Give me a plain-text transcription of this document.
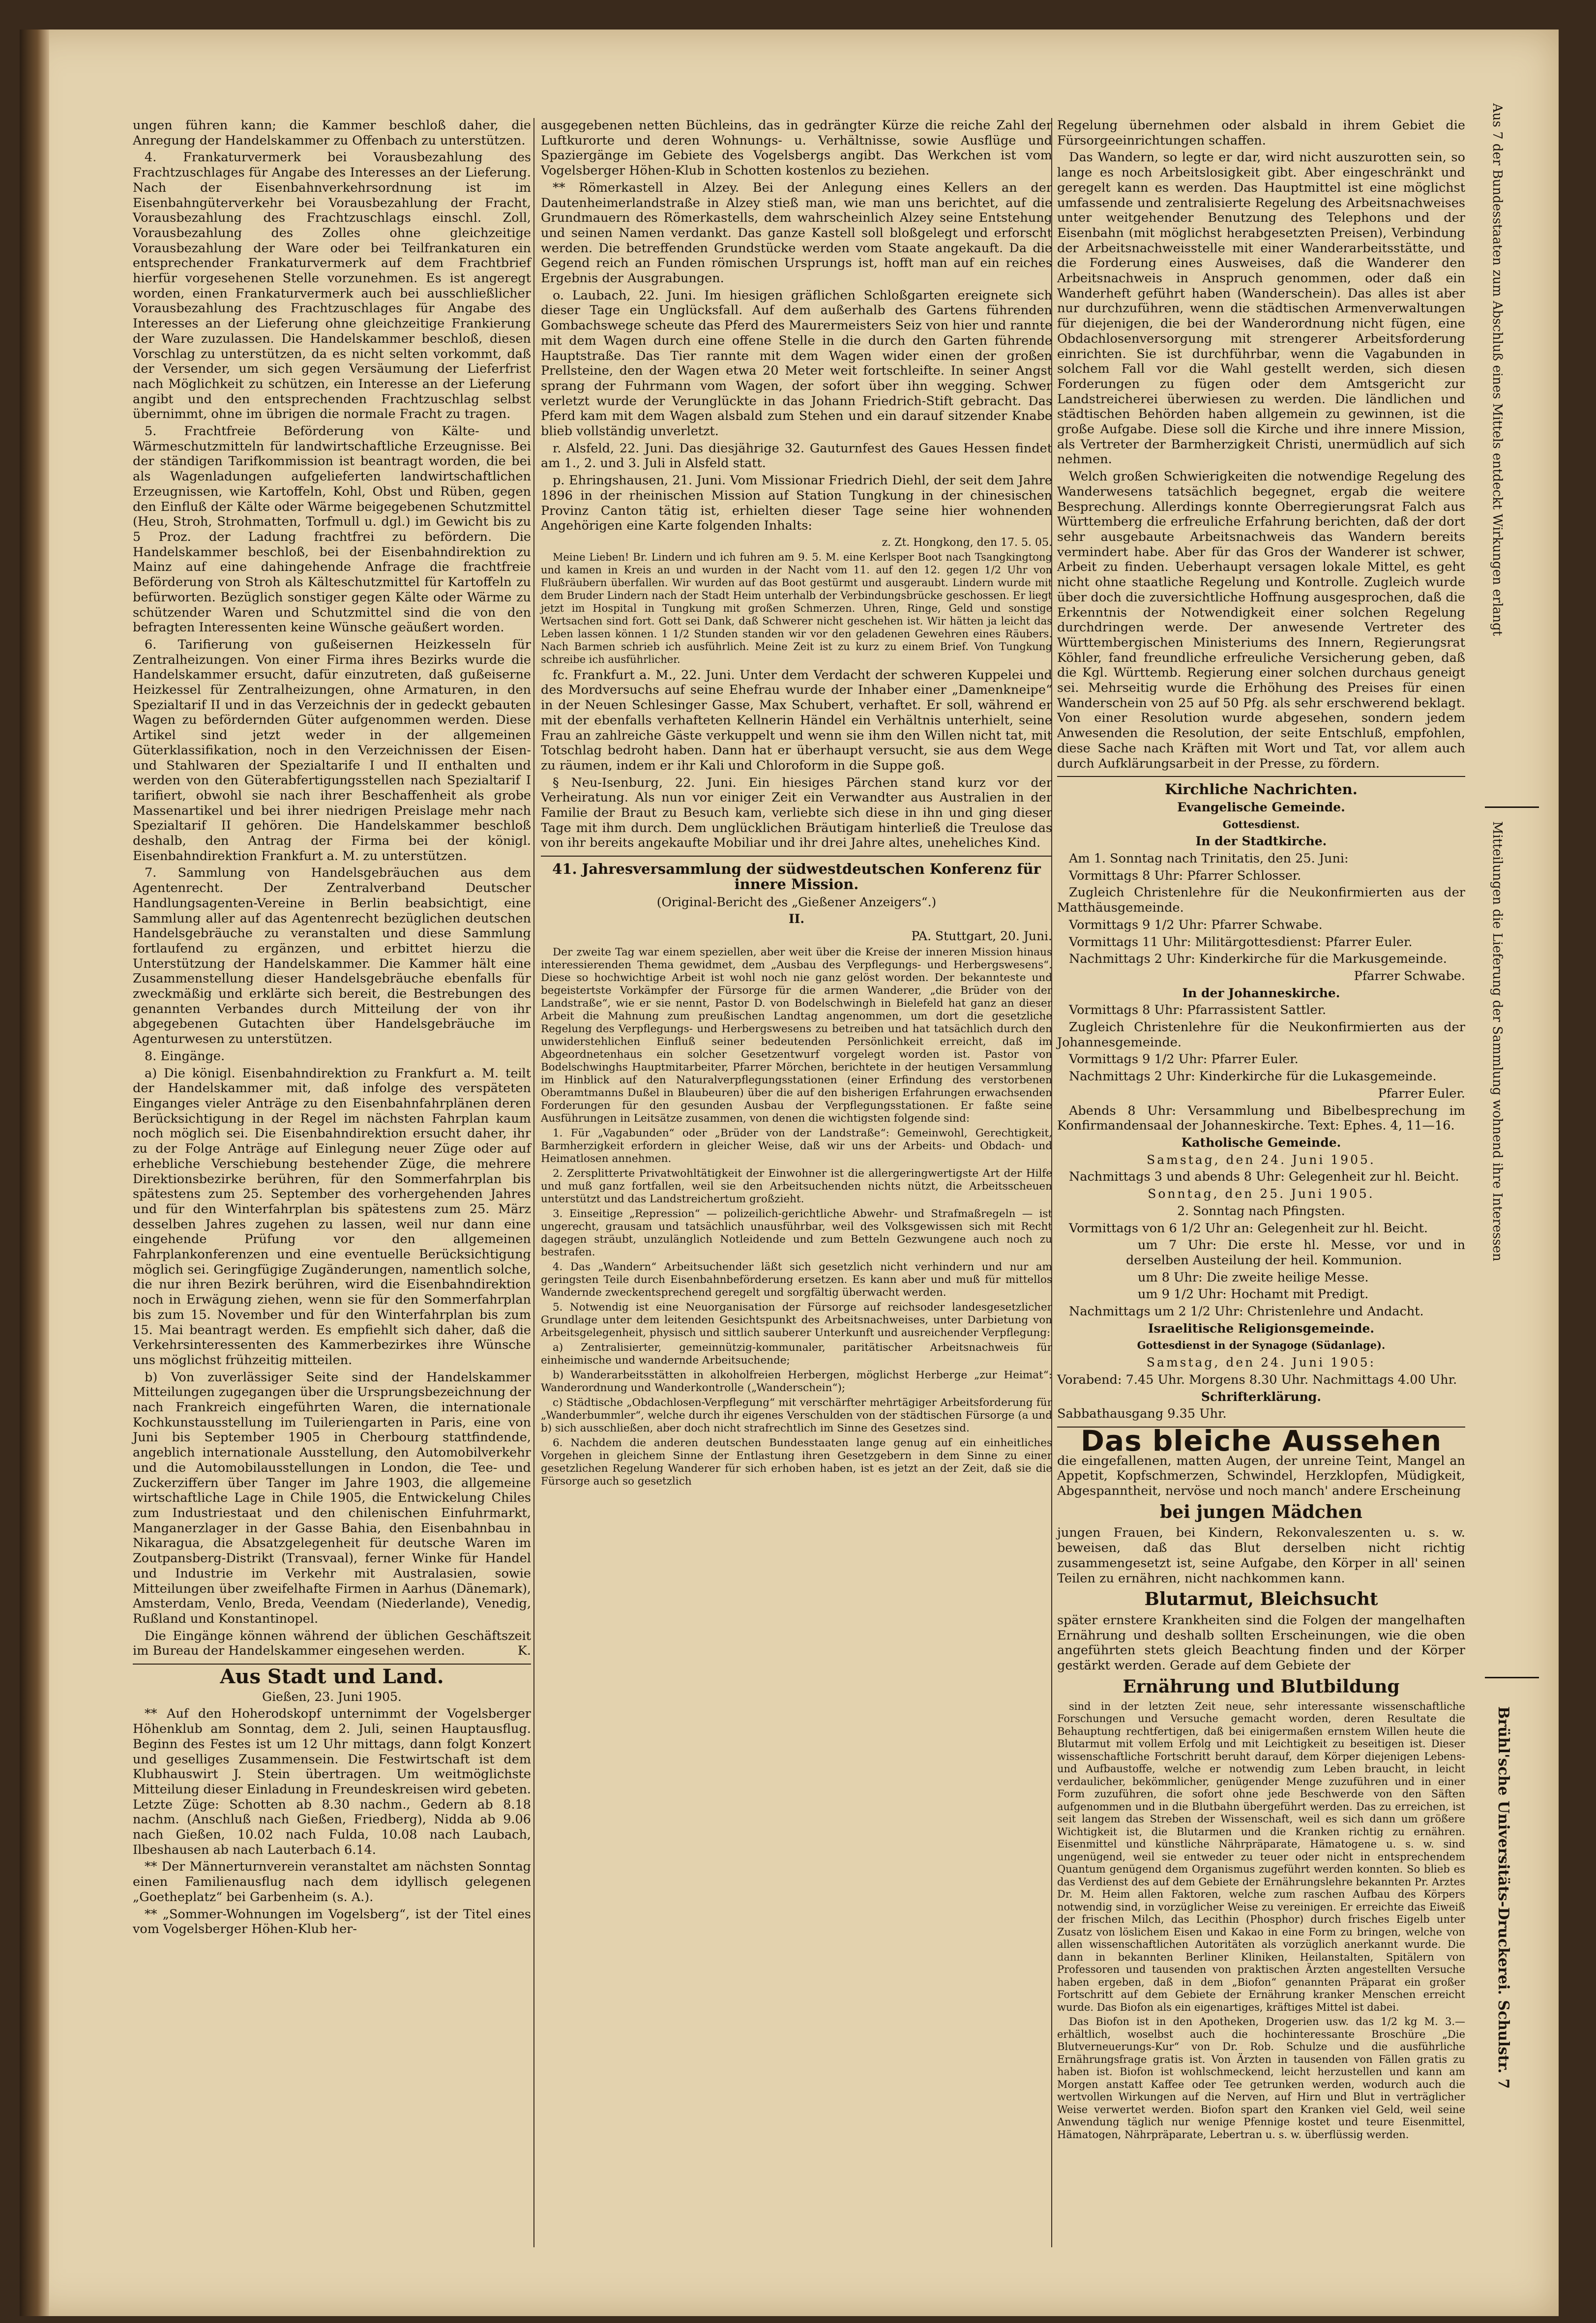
ungen führen kann; die Kammer beschloß daher, die Anregung der Handelskammer zu Offenbach zu unterstützen.

4. Frankaturvermerk bei Vorausbezahlung des Frachtzuschlages für Angabe des Interesses an der Lieferung. Nach der Eisenbahnverkehrsordnung ist im Eisenbahngüterverkehr bei Vorausbezahlung der Fracht, Vorausbezahlung des Frachtzuschlags einschl. Zoll, Vorausbezahlung des Zolles ohne gleichzeitige Vorausbezahlung der Ware oder bei Teilfrankaturen ein entsprechender Frankaturvermerk auf dem Frachtbrief hierfür vorgesehenen Stelle vorzunehmen. Es ist angeregt worden, einen Frankaturvermerk auch bei ausschließlicher Vorausbezahlung des Frachtzuschlages für Angabe des Interesses an der Lieferung ohne gleichzeitige Frankierung der Ware zuzulassen. Die Handelskammer beschloß, diesen Vorschlag zu unterstützen, da es nicht selten vorkommt, daß der Versender, um sich gegen Versäumung der Lieferfrist nach Möglichkeit zu schützen, ein Interesse an der Lieferung angibt und den entsprechenden Frachtzuschlag selbst übernimmt, ohne im übrigen die normale Fracht zu tragen.

5. Frachtfreie Beförderung von Kälte- und Wärmeschutzmitteln für landwirtschaftliche Erzeugnisse. Bei der ständigen Tarifkommission ist beantragt worden, die bei als Wagenladungen aufgelieferten landwirtschaftlichen Erzeugnissen, wie Kartoffeln, Kohl, Obst und Rüben, gegen den Einfluß der Kälte oder Wärme beigegebenen Schutzmittel (Heu, Stroh, Strohmatten, Torfmull u. dgl.) im Gewicht bis zu 5 Proz. der Ladung frachtfrei zu befördern. Die Handelskammer beschloß, bei der Eisenbahndirektion zu Mainz auf eine dahingehende Anfrage die frachtfreie Beförderung von Stroh als Kälteschutzmittel für Kartoffeln zu befürworten. Bezüglich sonstiger gegen Kälte oder Wärme zu schützender Waren und Schutzmittel sind die von den befragten Interessenten keine Wünsche geäußert worden.

6. Tarifierung von gußeisernen Heizkesseln für Zentralheizungen. Von einer Firma ihres Bezirks wurde die Handelskammer ersucht, dafür einzutreten, daß gußeiserne Heizkessel für Zentralheizungen, ohne Armaturen, in den Spezialtarif II und in das Verzeichnis der in gedeckt gebauten Wagen zu befördernden Güter aufgenommen werden. Diese Artikel sind jetzt weder in der allgemeinen Güterklassifikation, noch in den Verzeichnissen der Eisen- und Stahlwaren der Spezialtarife I und II enthalten und werden von den Güterabfertigungsstellen nach Spezialtarif I tarifiert, obwohl sie nach ihrer Beschaffenheit als grobe Massenartikel und bei ihrer niedrigen Preislage mehr nach Spezialtarif II gehören. Die Handelskammer beschloß deshalb, den Antrag der Firma bei der königl. Eisenbahndirektion Frankfurt a. M. zu unterstützen.

7. Sammlung von Handelsgebräuchen aus dem Agentenrecht. Der Zentralverband Deutscher Handlungsagenten-Vereine in Berlin beabsichtigt, eine Sammlung aller auf das Agentenrecht bezüglichen deutschen Handelsgebräuche zu veranstalten und diese Sammlung fortlaufend zu ergänzen, und erbittet hierzu die Unterstützung der Handelskammer. Die Kammer hält eine Zusammenstellung dieser Handelsgebräuche ebenfalls für zweckmäßig und erklärte sich bereit, die Bestrebungen des genannten Verbandes durch Mitteilung der von ihr abgegebenen Gutachten über Handelsgebräuche im Agenturwesen zu unterstützen.

8. Eingänge.

a) Die königl. Eisenbahndirektion zu Frankfurt a. M. teilt der Handelskammer mit, daß infolge des verspäteten Einganges vieler Anträge zu den Eisenbahnfahrplänen deren Berücksichtigung in der Regel im nächsten Fahrplan kaum noch möglich sei. Die Eisenbahndirektion ersucht daher, ihr zu der Folge Anträge auf Einlegung neuer Züge oder auf erhebliche Verschiebung bestehender Züge, die mehrere Direktionsbezirke berühren, für den Sommerfahrplan bis spätestens zum 25. September des vorhergehenden Jahres und für den Winterfahrplan bis spätestens zum 25. März desselben Jahres zugehen zu lassen, weil nur dann eine eingehende Prüfung vor den allgemeinen Fahrplankonferenzen und eine eventuelle Berücksichtigung möglich sei. Geringfügige Zugänderungen, namentlich solche, die nur ihren Bezirk berühren, wird die Eisenbahndirektion noch in Erwägung ziehen, wenn sie für den Sommerfahrplan bis zum 15. November und für den Winterfahrplan bis zum 15. Mai beantragt werden. Es empfiehlt sich daher, daß die Verkehrsinteressenten des Kammerbezirkes ihre Wünsche uns möglichst frühzeitig mitteilen.

b) Von zuverlässiger Seite sind der Handelskammer Mitteilungen zugegangen über die Ursprungsbezeichnung der nach Frankreich eingeführten Waren, die internationale Kochkunstausstellung im Tuileriengarten in Paris, eine von Juni bis September 1905 in Cherbourg stattfindende, angeblich internationale Ausstellung, den Automobilverkehr und die Automobilausstellungen in London, die Tee- und Zuckerziffern über Tanger im Jahre 1903, die allgemeine wirtschaftliche Lage in Chile 1905, die Entwickelung Chiles zum Industriestaat und den chilenischen Einfuhrmarkt, Manganerzlager in der Gasse Bahia, den Eisenbahnbau in Nikaragua, die Absatzgelegenheit für deutsche Waren im Zoutpansberg-Distrikt (Transvaal), ferner Winke für Handel und Industrie im Verkehr mit Australasien, sowie Mitteilungen über zweifelhafte Firmen in Aarhus (Dänemark), Amsterdam, Venlo, Breda, Veendam (Niederlande), Venedig, Rußland und Konstantinopel.

Die Eingänge können während der üblichen Geschäftszeit im Bureau der Handelskammer eingesehen werden.	K.

Aus Stadt und Land.
Gießen, 23. Juni 1905.

** Auf den Hoherodskopf unternimmt der Vogelsberger Höhenklub am Sonntag, dem 2. Juli, seinen Hauptausflug. Beginn des Festes ist um 12 Uhr mittags, dann folgt Konzert und geselliges Zusammensein. Die Festwirtschaft ist dem Klubhauswirt J. Stein übertragen. Um weitmöglichste Mitteilung dieser Einladung in Freundeskreisen wird gebeten. Letzte Züge: Schotten ab 8.30 nachm., Gedern ab 8.18 nachm. (Anschluß nach Gießen, Friedberg), Nidda ab 9.06 nach Gießen, 10.02 nach Fulda, 10.08 nach Laubach, Ilbeshausen ab nach Lauterbach 6.14.

** Der Männerturnverein veranstaltet am nächsten Sonntag einen Familienausflug nach dem idyllisch gelegenen „Goetheplatz“ bei Garbenheim (s. A.).

** „Sommer-Wohnungen im Vogelsberg“, ist der Titel eines vom Vogelsberger Höhen-Klub her-

ausgegebenen netten Büchleins, das in gedrängter Kürze die reiche Zahl der Luftkurorte und deren Wohnungs- u. Verhältnisse, sowie Ausflüge und Spaziergänge im Gebiete des Vogelsbergs angibt. Das Werkchen ist vom Vogelsberger Höhen-Klub in Schotten kostenlos zu beziehen.

** Römerkastell in Alzey. Bei der Anlegung eines Kellers an der Dautenheimerlandstraße in Alzey stieß man, wie man uns berichtet, auf die Grundmauern des Römerkastells, dem wahrscheinlich Alzey seine Entstehung und seinen Namen verdankt. Das ganze Kastell soll bloßgelegt und erforscht werden. Die betreffenden Grundstücke werden vom Staate angekauft. Da die Gegend reich an Funden römischen Ursprungs ist, hofft man auf ein reiches Ergebnis der Ausgrabungen.

o. Laubach, 22. Juni. Im hiesigen gräflichen Schloßgarten ereignete sich dieser Tage ein Unglücksfall. Auf dem außerhalb des Gartens führenden Gombachswege scheute das Pferd des Maurermeisters Seiz von hier und rannte mit dem Wagen durch eine offene Stelle in die durch den Garten führende Hauptstraße. Das Tier rannte mit dem Wagen wider einen der großen Prellsteine, den der Wagen etwa 20 Meter weit fortschleifte. In seiner Angst sprang der Fuhrmann vom Wagen, der sofort über ihn wegging. Schwer verletzt wurde der Verunglückte in das Johann Friedrich-Stift gebracht. Das Pferd kam mit dem Wagen alsbald zum Stehen und ein darauf sitzender Knabe blieb vollständig unverletzt.

r. Alsfeld, 22. Juni. Das diesjährige 32. Gauturnfest des Gaues Hessen findet am 1., 2. und 3. Juli in Alsfeld statt.

p. Ehringshausen, 21. Juni. Vom Missionar Friedrich Diehl, der seit dem Jahre 1896 in der rheinischen Mission auf Station Tungkung in der chinesischen Provinz Canton tätig ist, erhielten dieser Tage seine hier wohnenden Angehörigen eine Karte folgenden Inhalts:

z. Zt. Hongkong, den 17. 5. 05.

Meine Lieben! Br. Lindern und ich fuhren am 9. 5. M. eine Kerlsper Boot nach Tsangkingtong und kamen in Kreis an und wurden in der Nacht vom 11. auf den 12. gegen 1/2 Uhr von Flußräubern überfallen. Wir wurden auf das Boot gestürmt und ausgeraubt. Lindern wurde mit dem Bruder Lindern nach der Stadt Heim unterhalb der Verbindungsbrücke geschossen. Er liegt jetzt im Hospital in Tungkung mit großen Schmerzen. Uhren, Ringe, Geld und sonstige Wertsachen sind fort. Gott sei Dank, daß Schwerer nicht geschehen ist. Wir hätten ja leicht das Leben lassen können. 1 1/2 Stunden standen wir vor den geladenen Gewehren eines Räubers. Nach Barmen schrieb ich ausführlich. Meine Zeit ist zu kurz zu einem Brief. Von Tungkung schreibe ich ausführlicher.

fc. Frankfurt a. M., 22. Juni. Unter dem Verdacht der schweren Kuppelei und des Mordversuchs auf seine Ehefrau wurde der Inhaber einer „Damenkneipe“ in der Neuen Schlesinger Gasse, Max Schubert, verhaftet. Er soll, während er mit der ebenfalls verhafteten Kellnerin Händel ein Verhältnis unterhielt, seine Frau an zahlreiche Gäste verkuppelt und wenn sie ihm den Willen nicht tat, mit Totschlag bedroht haben. Dann hat er überhaupt versucht, sie aus dem Wege zu räumen, indem er ihr Kali und Chloroform in die Suppe goß.

§ Neu-Isenburg, 22. Juni. Ein hiesiges Pärchen stand kurz vor der Verheiratung. Als nun vor einiger Zeit ein Verwandter aus Australien in der Familie der Braut zu Besuch kam, verliebte sich diese in ihn und ging dieser Tage mit ihm durch. Dem unglücklichen Bräutigam hinterließ die Treulose das von ihr bereits angekaufte Mobiliar und ihr drei Jahre altes, uneheliches Kind.

41. Jahresversammlung der südwestdeutschen Konferenz für innere Mission.
(Original-Bericht des „Gießener Anzeigers“.)
II.
PA. Stuttgart, 20. Juni.

Der zweite Tag war einem speziellen, aber weit über die Kreise der inneren Mission hinaus interessierenden Thema gewidmet, dem „Ausbau des Verpflegungs- und Herbergswesens“. Diese so hochwichtige Arbeit ist wohl noch nie ganz gelöst worden. Der bekannteste und begeistertste Vorkämpfer der Fürsorge für die armen Wanderer, „die Brüder von der Landstraße“, wie er sie nennt, Pastor D. von Bodelschwingh in Bielefeld hat ganz an dieser Arbeit die Mahnung zum preußischen Landtag angenommen, um dort die gesetzliche Regelung des Verpflegungs- und Herbergswesens zu betreiben und hat tatsächlich durch den unwiderstehlichen Einfluß seiner bedeutenden Persönlichkeit erreicht, daß im Abgeordnetenhaus ein solcher Gesetzentwurf vorgelegt worden ist. Pastor von Bodelschwinghs Hauptmitarbeiter, Pfarrer Mörchen, berichtete in der heutigen Versammlung im Hinblick auf den Naturalverpflegungsstationen (einer Erfindung des verstorbenen Oberamtmanns Dußel in Blaubeuren) über die auf den bisherigen Erfahrungen erwachsenden Forderungen für den gesunden Ausbau der Verpflegungsstationen. Er faßte seine Ausführungen in Leitsätze zusammen, von denen die wichtigsten folgende sind:

1. Für „Vagabunden“ oder „Brüder von der Landstraße“: Gemeinwohl, Gerechtigkeit, Barmherzigkeit erfordern in gleicher Weise, daß wir uns der Arbeits- und Obdach- und Heimatlosen annehmen.

2. Zersplitterte Privatwohltätigkeit der Einwohner ist die allergeringwertigste Art der Hilfe und muß ganz fortfallen, weil sie den Arbeitsuchenden nichts nützt, die Arbeitsscheuen unterstützt und das Landstreichertum großzieht.

3. Einseitige „Repression“ — polizeilich-gerichtliche Abwehr- und Strafmaßregeln — ist ungerecht, grausam und tatsächlich unausführbar, weil des Volksgewissen sich mit Recht dagegen sträubt, unzulänglich Notleidende und zum Betteln Gezwungene auch noch zu bestrafen.

4. Das „Wandern“ Arbeitsuchender läßt sich gesetzlich nicht verhindern und nur am geringsten Teile durch Eisenbahnbeförderung ersetzen. Es kann aber und muß für mittellos Wandernde zweckentsprechend geregelt und sorgfältig überwacht werden.

5. Notwendig ist eine Neuorganisation der Fürsorge auf reichsoder landesgesetzlicher Grundlage unter dem leitenden Gesichtspunkt des Arbeitsnachweises, unter Darbietung von Arbeitsgelegenheit, physisch und sittlich sauberer Unterkunft und ausreichender Verpflegung:

a) Zentralisierter, gemeinnützig-kommunaler, paritätischer Arbeitsnachweis für einheimische und wandernde Arbeitsuchende;

b) Wanderarbeitsstätten in alkoholfreien Herbergen, möglichst Herberge „zur Heimat“: Wanderordnung und Wanderkontrolle („Wanderschein“);

c) Städtische „Obdachlosen-Verpflegung“ mit verschärfter mehrtägiger Arbeitsforderung für „Wanderbummler“, welche durch ihr eigenes Verschulden von der städtischen Fürsorge (a und b) sich ausschließen, aber doch nicht strafrechtlich im Sinne des Gesetzes sind.

6. Nachdem die anderen deutschen Bundesstaaten lange genug auf ein einheitliches Vorgehen in gleichem Sinne der Entlastung ihren Gesetzgebern in dem Sinne zu einer gesetzlichen Regelung Wanderer für sich erhoben haben, ist es jetzt an der Zeit, daß sie die Fürsorge auch so gesetzlich

Regelung übernehmen oder alsbald in ihrem Gebiet die Fürsorgeeinrichtungen schaffen.

Das Wandern, so legte er dar, wird nicht auszurotten sein, so lange es noch Arbeitslosigkeit gibt. Aber eingeschränkt und geregelt kann es werden. Das Hauptmittel ist eine möglichst umfassende und zentralisierte Regelung des Arbeitsnachweises unter weitgehender Benutzung des Telephons und der Eisenbahn (mit möglichst herabgesetzten Preisen), Verbindung der Arbeitsnachweisstelle mit einer Wanderarbeitsstätte, und die Forderung eines Ausweises, daß die Wanderer den Arbeitsnachweis in Anspruch genommen, oder daß ein Wanderheft geführt haben (Wanderschein). Das alles ist aber nur durchzuführen, wenn die städtischen Armenverwaltungen für diejenigen, die bei der Wanderordnung nicht fügen, eine Obdachlosenversorgung mit strengerer Arbeitsforderung einrichten. Sie ist durchführbar, wenn die Vagabunden in solchem Fall vor die Wahl gestellt werden, sich diesen Forderungen zu fügen oder dem Amtsgericht zur Landstreicherei überwiesen zu werden. Die ländlichen und städtischen Behörden haben allgemein zu gewinnen, ist die große Aufgabe. Diese soll die Kirche und ihre innere Mission, als Vertreter der Barmherzigkeit Christi, unermüdlich auf sich nehmen.

Welch großen Schwierigkeiten die notwendige Regelung des Wanderwesens tatsächlich begegnet, ergab die weitere Besprechung. Allerdings konnte Oberregierungsrat Falch aus Württemberg die erfreuliche Erfahrung berichten, daß der dort sehr ausgebaute Arbeitsnachweis das Wandern bereits vermindert habe. Aber für das Gros der Wanderer ist schwer, Arbeit zu finden. Ueberhaupt versagen lokale Mittel, es geht nicht ohne staatliche Regelung und Kontrolle. Zugleich wurde über doch die zuversichtliche Hoffnung ausgesprochen, daß die Erkenntnis der Notwendigkeit einer solchen Regelung durchdringen werde. Der anwesende Vertreter des Württembergischen Ministeriums des Innern, Regierungsrat Köhler, fand freundliche erfreuliche Versicherung geben, daß die Kgl. Württemb. Regierung einer solchen durchaus geneigt sei. Mehrseitig wurde die Erhöhung des Preises für einen Wanderschein von 25 auf 50 Pfg. als sehr erschwerend beklagt. Von einer Resolution wurde abgesehen, sondern jedem Anwesenden die Resolution, der seite Entschluß, empfohlen, diese Sache nach Kräften mit Wort und Tat, vor allem auch durch Aufklärungsarbeit in der Presse, zu fördern.

Kirchliche Nachrichten.
Evangelische Gemeinde.
Gottesdienst.
In der Stadtkirche.

Am 1. Sonntag nach Trinitatis, den 25. Juni:

Vormittags 8 Uhr: Pfarrer Schlosser.

Zugleich Christenlehre für die Neukonfirmierten aus der Matthäusgemeinde.

Vormittags 9 1/2 Uhr: Pfarrer Schwabe.

Vormittags 11 Uhr: Militärgottesdienst: Pfarrer Euler.

Nachmittags 2 Uhr: Kinderkirche für die Markusgemeinde.

Pfarrer Schwabe.

In der Johanneskirche.

Vormittags 8 Uhr: Pfarrassistent Sattler.

Zugleich Christenlehre für die Neukonfirmierten aus der Johannesgemeinde.

Vormittags 9 1/2 Uhr: Pfarrer Euler.

Nachmittags 2 Uhr: Kinderkirche für die Lukasgemeinde.

Pfarrer Euler.

Abends 8 Uhr: Versammlung und Bibelbesprechung im Konfirmandensaal der Johanneskirche. Text: Ephes. 4, 11—16.

Katholische Gemeinde.
Samstag, den 24. Juni 1905.

Nachmittags 3 und abends 8 Uhr: Gelegenheit zur hl. Beicht.

Sonntag, den 25. Juni 1905.
2. Sonntag nach Pfingsten.

Vormittags von 6 1/2 Uhr an: Gelegenheit zur hl. Beicht.

um 7 Uhr: Die erste hl. Messe, vor und in derselben Austeilung der heil. Kommunion.

um 8 Uhr: Die zweite heilige Messe.

um 9 1/2 Uhr: Hochamt mit Predigt.

Nachmittags um 2 1/2 Uhr: Christenlehre und Andacht.

Israelitische Religionsgemeinde.
Gottesdienst in der Synagoge (Südanlage).
Samstag, den 24. Juni 1905:

Vorabend: 7.45 Uhr. Morgens 8.30 Uhr. Nachmittags 4.00 Uhr.

Schrifterklärung.

Sabbathausgang 9.35 Uhr.

Das bleiche Aussehen

die eingefallenen, matten Augen, der unreine Teint, Mangel an Appetit, Kopfschmerzen, Schwindel, Herzklopfen, Müdigkeit, Abgespanntheit, nervöse und noch manch' andere Erscheinung

bei jungen Mädchen

jungen Frauen, bei Kindern, Rekonvaleszenten u. s. w. beweisen, daß das Blut derselben nicht richtig zusammengesetzt ist, seine Aufgabe, den Körper in all' seinen Teilen zu ernähren, nicht nachkommen kann.

Blutarmut, Bleichsucht

später ernstere Krankheiten sind die Folgen der mangelhaften Ernährung und deshalb sollten Erscheinungen, wie die oben angeführten stets gleich Beachtung finden und der Körper gestärkt werden. Gerade auf dem Gebiete der

Ernährung und Blutbildung

sind in der letzten Zeit neue, sehr interessante wissenschaftliche Forschungen und Versuche gemacht worden, deren Resultate die Behauptung rechtfertigen, daß bei einigermaßen ernstem Willen heute die Blutarmut mit vollem Erfolg und mit Leichtigkeit zu beseitigen ist. Dieser wissenschaftliche Fortschritt beruht darauf, dem Körper diejenigen Lebens- und Aufbaustoffe, welche er notwendig zum Leben braucht, in leicht verdaulicher, bekömmlicher, genügender Menge zuzuführen und in einer Form zuzuführen, die sofort ohne jede Beschwerde von den Säften aufgenommen und in die Blutbahn übergeführt werden. Das zu erreichen, ist seit langem das Streben der Wissenschaft, weil es sich dann um größere Wichtigkeit ist, die Blutarmen und die Kranken richtig zu ernähren. Eisenmittel und künstliche Nährpräparate, Hämatogene u. s. w. sind ungenügend, weil sie entweder zu teuer oder nicht in entsprechendem Quantum genügend dem Organismus zugeführt werden konnten. So blieb es das Verdienst des auf dem Gebiete der Ernährungslehre bekannten Pr. Arztes Dr. M. Heim allen Faktoren, welche zum raschen Aufbau des Körpers notwendig sind, in vorzüglicher Weise zu vereinigen. Er erreichte das Eiweiß der frischen Milch, das Lecithin (Phosphor) durch frisches Eigelb unter Zusatz von löslichem Eisen und Kakao in eine Form zu bringen, welche von allen wissenschaftlichen Autoritäten als vorzüglich anerkannt wurde. Die dann in bekannten Berliner Kliniken, Heilanstalten, Spitälern von Professoren und tausenden von praktischen Ärzten angestellten Versuche haben ergeben, daß in dem „Biofon“ genannten Präparat ein großer Fortschritt auf dem Gebiete der Ernährung kranker Menschen erreicht wurde. Das Biofon als ein eigenartiges, kräftiges Mittel ist dabei.

Das Biofon ist in den Apotheken, Drogerien usw. das 1/2 kg M. 3.— erhältlich, woselbst auch die hochinteressante Broschüre „Die Blutverneuerungs-Kur“ von Dr. Rob. Schulze und die ausführliche Ernährungsfrage gratis ist. Von Ärzten in tausenden von Fällen gratis zu haben ist. Biofon ist wohlschmeckend, leicht herzustellen und kann am Morgen anstatt Kaffee oder Tee getrunken werden, wodurch auch die wertvollen Wirkungen auf die Nerven, auf Hirn und Blut in verträglicher Weise verwertet werden. Biofon spart den Kranken viel Geld, weil seine Anwendung täglich nur wenige Pfennige kostet und teure Eisenmittel, Hämatogen, Nährpräparate, Lebertran u. s. w. überflüssig werden.

Aus 7 der Bundesstaaten zum Abschluß eines Mittels entdeckt Wirkungen erlangt
Mitteilungen die Lieferung der Sammlung wohnend ihre Interessen
Brühl'sche Universitäts-Druckerei. Schulstr. 7
